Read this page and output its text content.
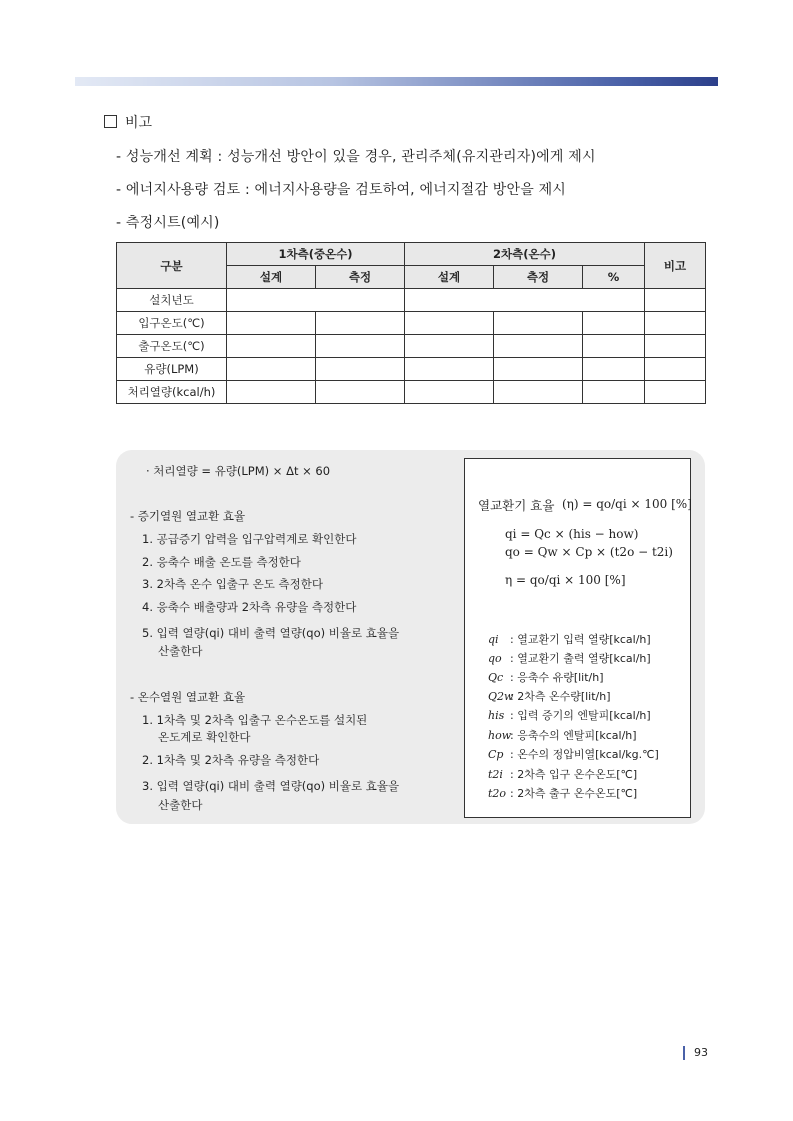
비고
- 성능개선 계획 : 성능개선 방안이 있을 경우, 관리주체(유지관리자)에게 제시
- 에너지사용량 검토 : 에너지사용량을 검토하여, 에너지절감 방안을 제시
- 측정시트(예시)
구분	1차측(중온수)		2차측(온수)			비고
	설계	측정	설계	측정	%	
설치년도						
입구온도(℃)						
출구온도(℃)						
유량(LPM)						
처리열량(kcal/h)						
· 처리열량 = 유량(LPM) × Δt × 60
- 증기열원 열교환 효율
1. 공급증기 압력을 입구압력계로 확인한다
2. 응축수 배출 온도를 측정한다
3. 2차측 온수 입출구 온도 측정한다
4. 응축수 배출량과 2차측 유량을 측정한다
5. 입력 열량(qi) 대비 출력 열량(qo) 비율로 효율을
산출한다
- 온수열원 열교환 효율
1. 1차측 및 2차측 입출구 온수온도를 설치된
온도계로 확인한다
2. 1차측 및 2차측 유량을 측정한다
3. 입력 열량(qi) 대비 출력 열량(qo) 비율로 효율을
산출한다
열교환기 효율 (η) = qo/qi × 100 [%]
qi = Qc × (his − how)
qo = Qw × Cp × (t2o − t2i)
η = qo/qi × 100 [%]
qi : 열교환기 입력 열량[kcal/h]
qo : 열교환기 출력 열량[kcal/h]
Qc : 응축수 유량[lit/h]
Q2w: 2차측 온수량[lit/h]
his : 입력 증기의 엔탈피[kcal/h]
how: 응축수의 엔탈피[kcal/h]
Cp : 온수의 정압비열[kcal/kg.℃]
t2i : 2차측 입구 온수온도[℃]
t2o : 2차측 출구 온수온도[℃]
93
